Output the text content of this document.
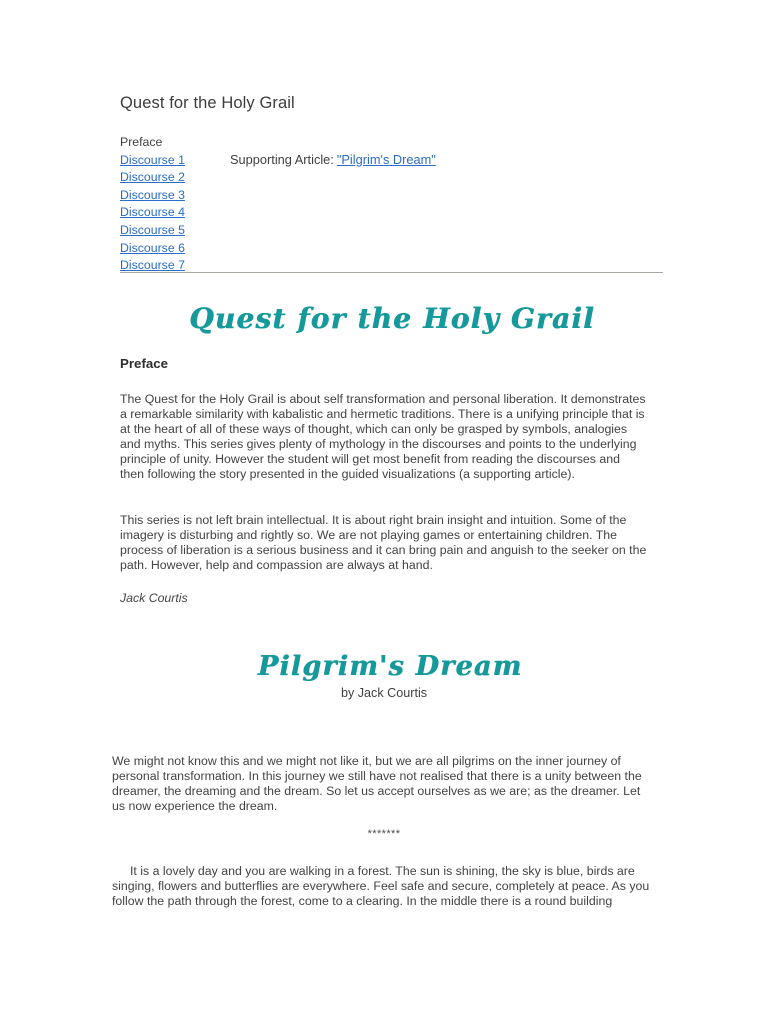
Quest for the Holy Grail
Preface
Discourse 1
Discourse 2
Discourse 3
Discourse 4
Discourse 5
Discourse 6
Discourse 7
Supporting Article: "Pilgrim's Dream"
Quest for the Holy Grail
Preface

The Quest for the Holy Grail is about self transformation and personal liberation. It demonstrates a remarkable similarity with kabalistic and hermetic traditions. There is a unifying principle that is at the heart of all of these ways of thought, which can only be grasped by symbols, analogies and myths. This series gives plenty of mythology in the discourses and points to the underlying principle of unity. However the student will get most benefit from reading the discourses and then following the story presented in the guided visualizations (a supporting article).

This series is not left brain intellectual. It is about right brain insight and intuition. Some of the imagery is disturbing and rightly so. We are not playing games or entertaining children. The process of liberation is a serious business and it can bring pain and anguish to the seeker on the path. However, help and compassion are always at hand.

Jack Courtis
Pilgrim's Dream
by Jack Courtis

We might not know this and we might not like it, but we are all pilgrims on the inner journey of personal transformation. In this journey we still have not realised that there is a unity between the dreamer, the dreaming and the dream. So let us accept ourselves as we are; as the dreamer. Let us now experience the dream.

*******

It is a lovely day and you are walking in a forest. The sun is shining, the sky is blue, birds are singing, flowers and butterflies are everywhere. Feel safe and secure, completely at peace. As you follow the path through the forest, come to a clearing. In the middle there is a round building
